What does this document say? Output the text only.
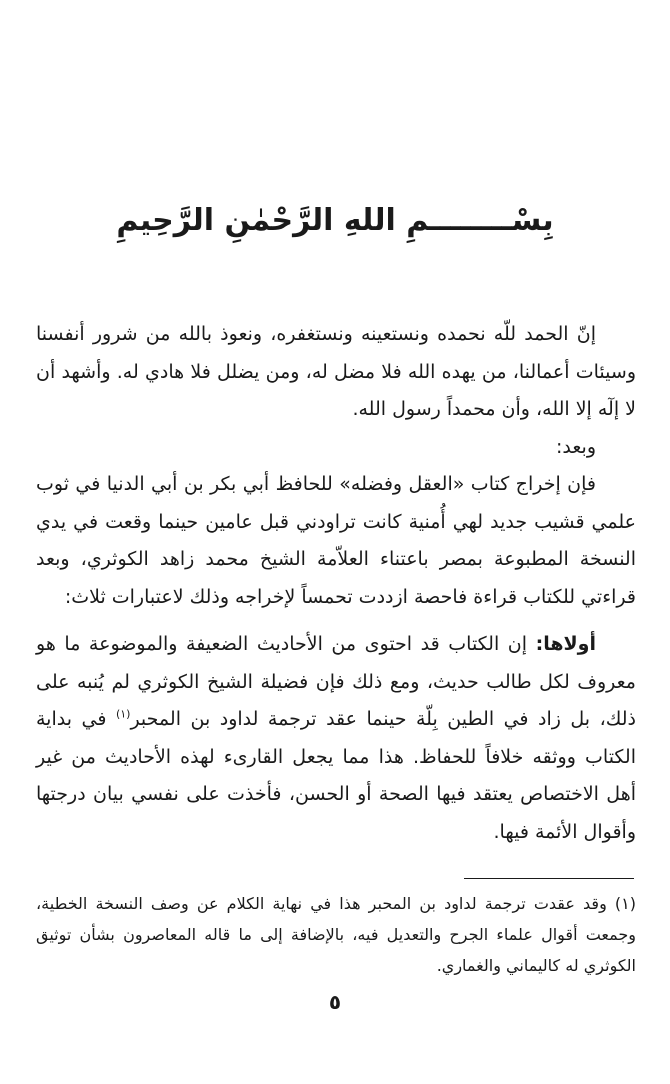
بِسْــــــــمِ اللهِ الرَّحْمٰنِ الرَّحِيمِ

إنّ الحمد للّه نحمده ونستعينه ونستغفره، ونعوذ بالله من شرور أنفسنا وسيئات أعمالنا، من يهده الله فلا مضل له، ومن يضلل فلا هادي له. وأشهد أن لا إلٓه إلا الله، وأن محمداً رسول الله.

وبعد:

فإن إخراج كتاب «العقل وفضله» للحافظ أبي بكر بن أبي الدنيا في ثوب علمي قشيب جديد لهي أُمنية كانت تراودني قبل عامين حينما وقعت في يدي النسخة المطبوعة بمصر باعتناء العلاّمة الشيخ محمد زاهد الكوثري، وبعد قراءتي للكتاب قراءة فاحصة ازددت تحمساً لإخراجه وذلك لاعتبارات ثلاث:

أولاها: إن الكتاب قد احتوى من الأحاديث الضعيفة والموضوعة ما هو معروف لكل طالب حديث، ومع ذلك فإن فضيلة الشيخ الكوثري لم يُنبه على ذلك، بل زاد في الطين بِلّة حينما عقد ترجمة لداود بن المحبر$^{(١)}$ في بداية الكتاب ووثقه خلافاً للحفاظ. هذا مما يجعل القارىء لهذه الأحاديث من غير أهل الاختصاص يعتقد فيها الصحة أو الحسن، فأخذت على نفسي بيان درجتها وأقوال الأئمة فيها.

(١) وقد عقدت ترجمة لداود بن المحبر هذا في نهاية الكلام عن وصف النسخة الخطية، وجمعت أقوال علماء الجرح والتعديل فيه، بالإضافة إلى ما قاله المعاصرون بشأن توثيق الكوثري له كاليماني والغماري.

٥
